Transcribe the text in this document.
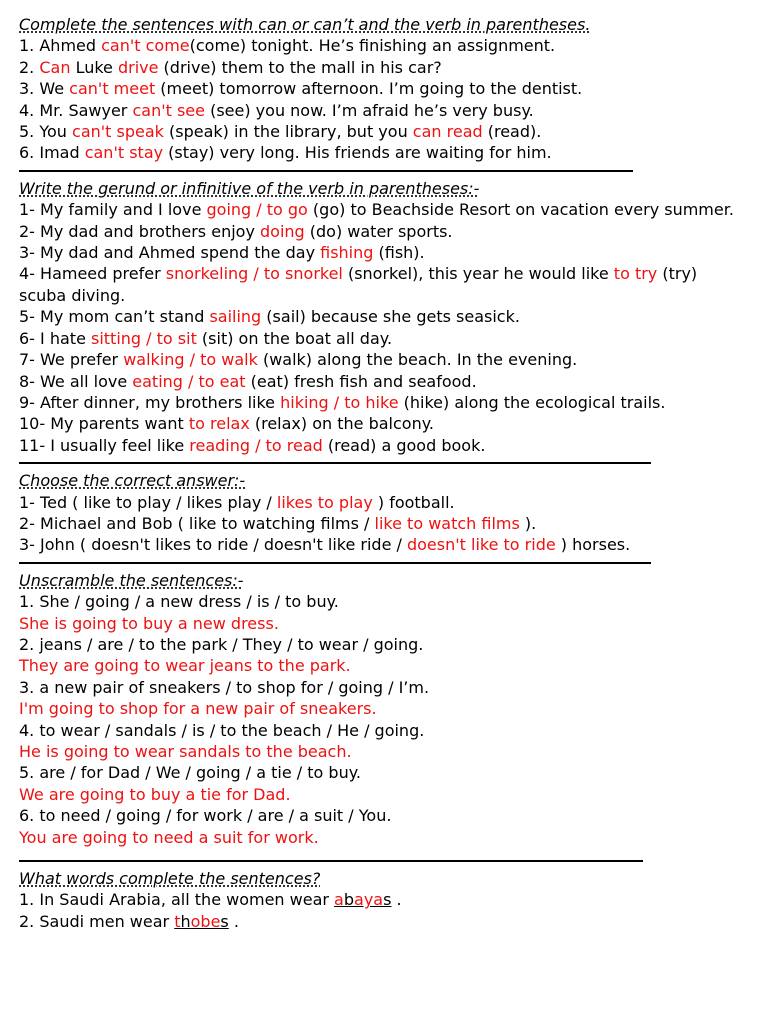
Complete the sentences with can or can’t and the verb in parentheses.
1. Ahmed can't come(come) tonight. He’s finishing an assignment.
2. Can Luke drive (drive) them to the mall in his car?
3. We can't meet (meet) tomorrow afternoon. I’m going to the dentist.
4. Mr. Sawyer can't see (see) you now. I’m afraid he’s very busy.
5. You can't speak (speak) in the library, but you can read (read).
6. Imad can't stay (stay) very long. His friends are waiting for him.
Write the gerund or infinitive of the verb in parentheses:-
1- My family and I love going / to go (go) to Beachside Resort on vacation every summer.
2- My dad and brothers enjoy doing (do) water sports.
3- My dad and Ahmed spend the day fishing (fish).
4- Hameed prefer snorkeling / to snorkel (snorkel), this year he would like to try (try) scuba diving.
5- My mom can’t stand sailing (sail) because she gets seasick.
6- I hate sitting / to sit (sit) on the boat all day.
7- We prefer walking / to walk (walk) along the beach. In the evening.
8- We all love eating / to eat (eat) fresh fish and seafood.
9- After dinner, my brothers like hiking / to hike (hike) along the ecological trails.
10- My parents want to relax (relax) on the balcony.
11- I usually feel like reading / to read (read) a good book.
Choose the correct answer:-
1- Ted ( like to play / likes play / likes to play ) football.
2- Michael and Bob ( like to watching films / like to watch films ).
3- John ( doesn't likes to ride / doesn't like ride / doesn't like to ride ) horses.
Unscramble the sentences:-
1. She / going / a new dress / is / to buy.
She is going to buy a new dress.
2. jeans / are / to the park / They / to wear / going.
They are going to wear jeans to the park.
3. a new pair of sneakers / to shop for / going / I’m.
I'm going to shop for a new pair of sneakers.
4. to wear / sandals / is / to the beach / He / going.
He is going to wear sandals to the beach.
5. are / for Dad / We / going / a tie / to buy.
We are going to buy a tie for Dad.
6. to need / going / for work / are / a suit / You.
You are going to need a suit for work.
What words complete the sentences?
1. In Saudi Arabia, all the women wear abayas .
2. Saudi men wear thobes .
